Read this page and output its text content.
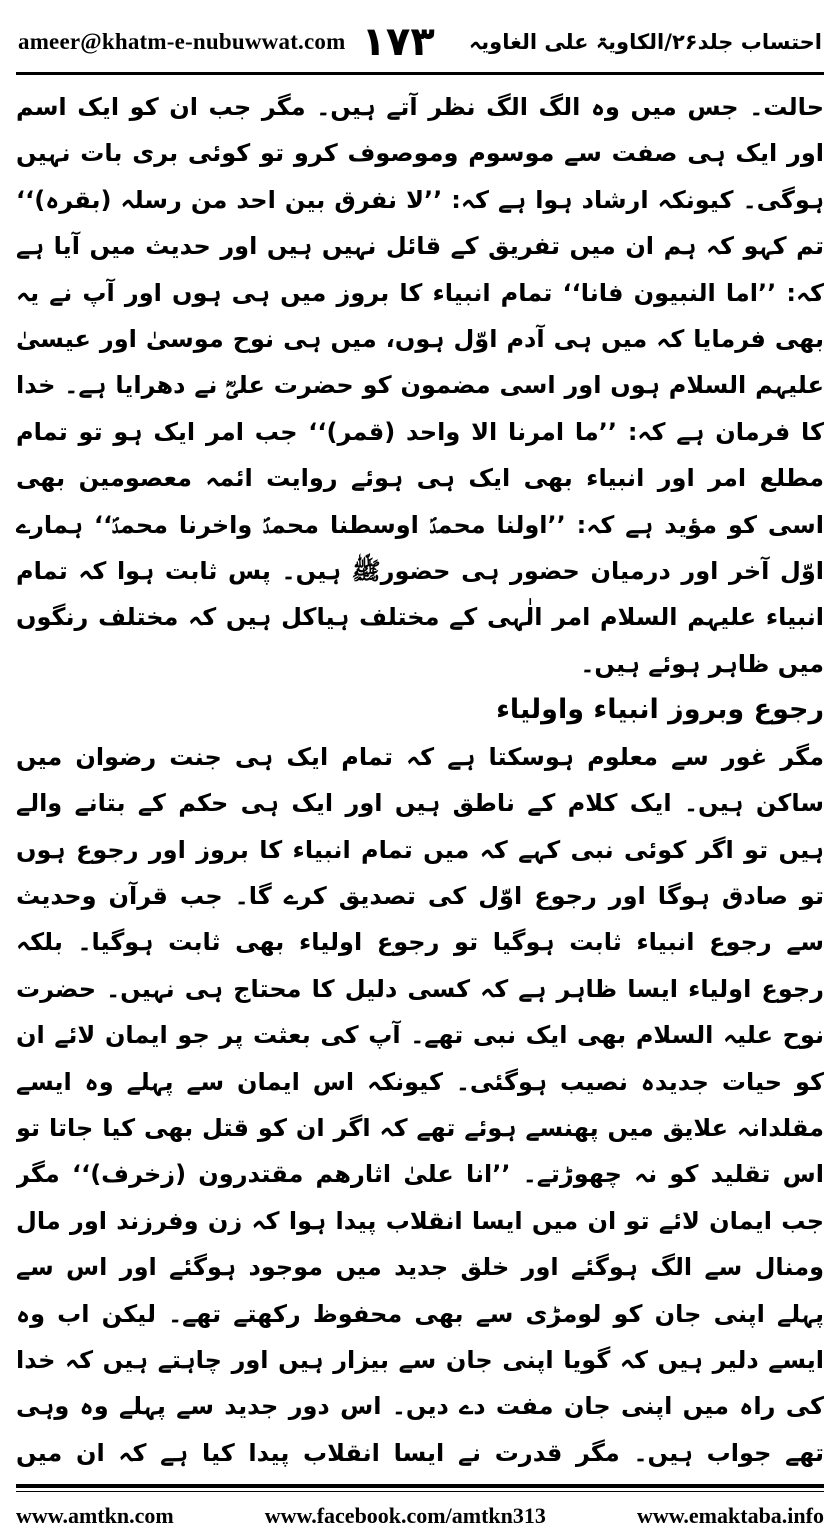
ameer@khatm-e-nubuwwat.com ۱۷۳ احتساب جلد۲۶/الکاویۃ علی الغاویہ

حالت۔ جس میں وہ الگ الگ نظر آتے ہیں۔ مگر جب ان کو ایک اسم اور ایک ہی صفت سے موسوم وموصوف کرو تو کوئی بری بات نہیں ہوگی۔ کیونکہ ارشاد ہوا ہے کہ: ’’لا نفرق بین احد من رسلہ (بقرہ)‘‘ تم کہو کہ ہم ان میں تفریق کے قائل نہیں ہیں اور حدیث میں آیا ہے کہ: ’’اما النبیون فانا‘‘ تمام انبیاء کا بروز میں ہی ہوں اور آپ نے یہ بھی فرمایا کہ میں ہی آدم اوّل ہوں، میں ہی نوح موسیٰ اور عیسیٰ علیہم السلام ہوں اور اسی مضمون کو حضرت علیؓ نے دھرایا ہے۔ خدا کا فرمان ہے کہ: ’’ما امرنا الا واحد (قمر)‘‘ جب امر ایک ہو تو تمام مطلع امر اور انبیاء بھی ایک ہی ہوئے روایت ائمہ معصومین بھی اسی کو مؤید ہے کہ: ’’اولنا محمدؐ اوسطنا محمدؐ واخرنا محمدؐ‘‘ ہمارے اوّل آخر اور درمیان حضور ہی حضورﷺ ہیں۔ پس ثابت ہوا کہ تمام انبیاء علیہم السلام امر الٰہی کے مختلف ہیاکل ہیں کہ مختلف رنگوں میں ظاہر ہوئے ہیں۔

رجوع وبروز انبیاء واولیاء

مگر غور سے معلوم ہوسکتا ہے کہ تمام ایک ہی جنت رضوان میں ساکن ہیں۔ ایک کلام کے ناطق ہیں اور ایک ہی حکم کے بتانے والے ہیں تو اگر کوئی نبی کہے کہ میں تمام انبیاء کا بروز اور رجوع ہوں تو صادق ہوگا اور رجوع اوّل کی تصدیق کرے گا۔ جب قرآن وحدیث سے رجوع انبیاء ثابت ہوگیا تو رجوع اولیاء بھی ثابت ہوگیا۔ بلکہ رجوع اولیاء ایسا ظاہر ہے کہ کسی دلیل کا محتاج ہی نہیں۔ حضرت نوح علیہ السلام بھی ایک نبی تھے۔ آپ کی بعثت پر جو ایمان لائے ان کو حیات جدیدہ نصیب ہوگئی۔ کیونکہ اس ایمان سے پہلے وہ ایسے مقلدانہ علایق میں پھنسے ہوئے تھے کہ اگر ان کو قتل بھی کیا جاتا تو اس تقلید کو نہ چھوڑتے۔ ’’انا علیٰ اثارھم مقتدرون (زخرف)‘‘ مگر جب ایمان لائے تو ان میں ایسا انقلاب پیدا ہوا کہ زن وفرزند اور مال ومنال سے الگ ہوگئے اور خلق جدید میں موجود ہوگئے اور اس سے پہلے اپنی جان کو لومڑی سے بھی محفوظ رکھتے تھے۔ لیکن اب وہ ایسے دلیر ہیں کہ گویا اپنی جان سے بیزار ہیں اور چاہتے ہیں کہ خدا کی راہ میں اپنی جان مفت دے دیں۔ اس دور جدید سے پہلے وہ وہی تھے جواب ہیں۔ مگر قدرت نے ایسا انقلاب پیدا کیا ہے کہ ان میں

www.amtkn.com	www.facebook.com/amtkn313	www.emaktaba.info
